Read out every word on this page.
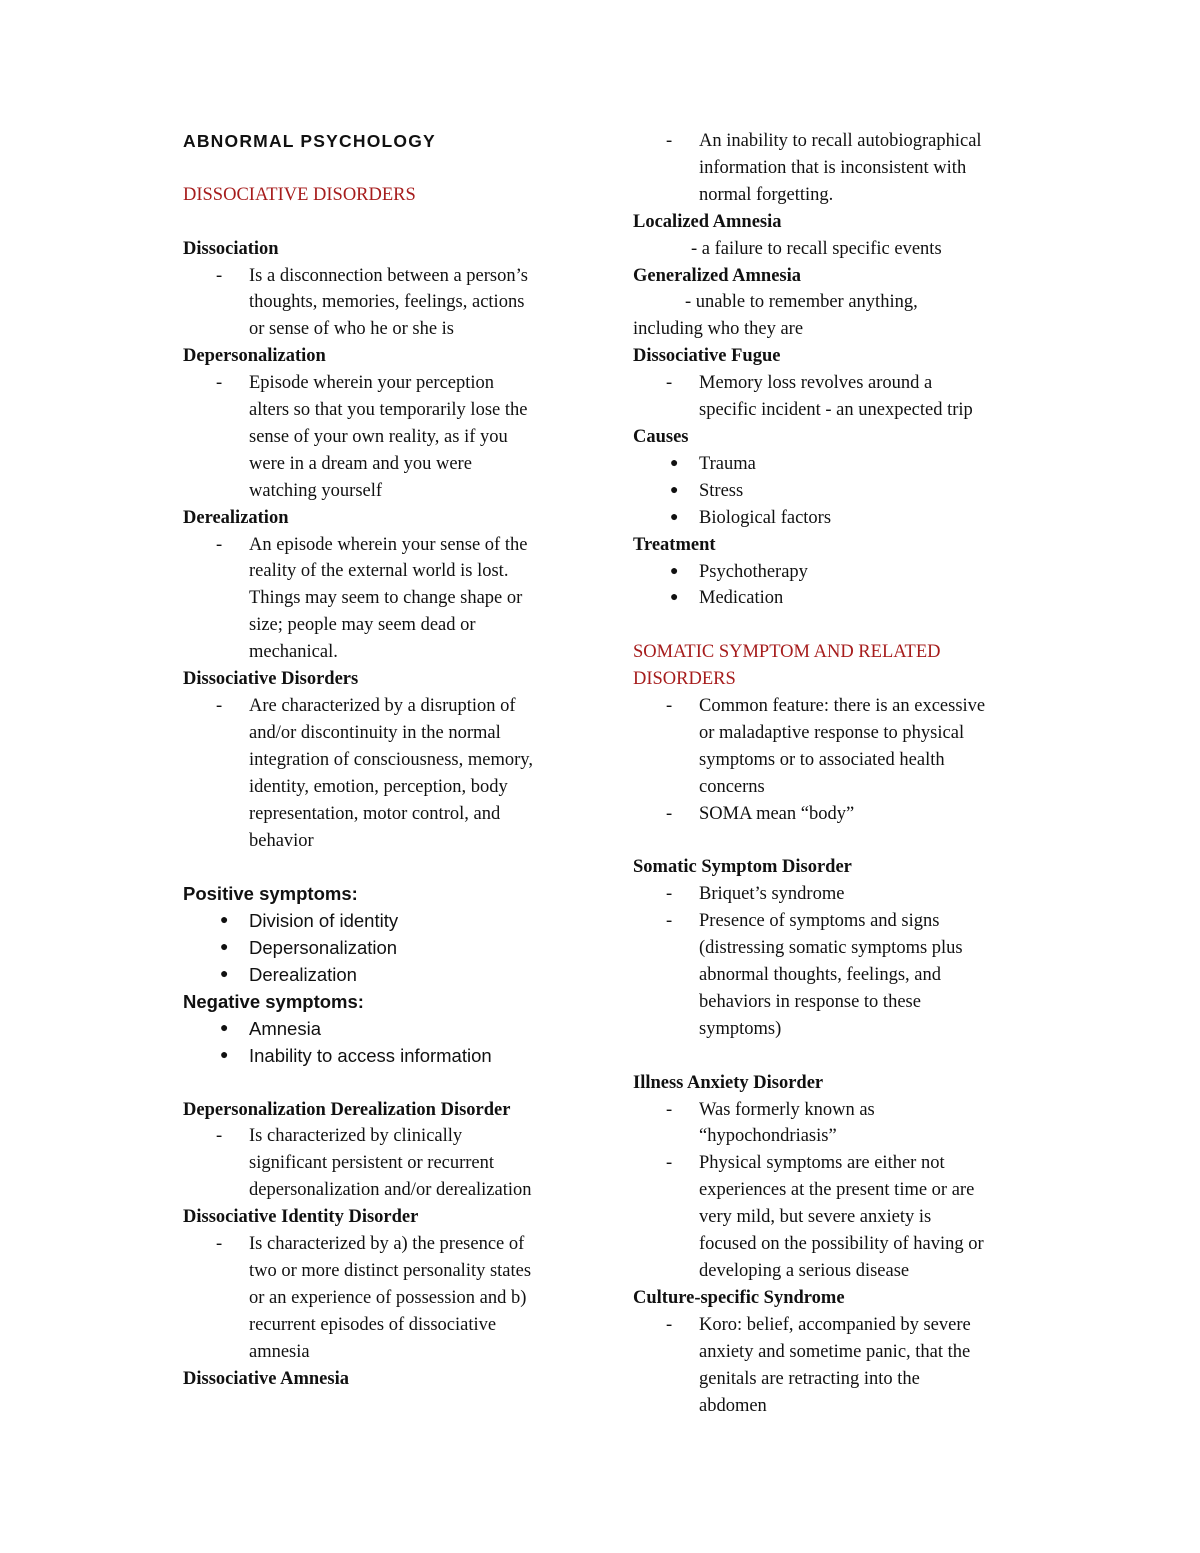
ABNORMAL PSYCHOLOGY
DISSOCIATIVE DISORDERS
Dissociation
- Is a disconnection between a person’s
thoughts, memories, feelings, actions
or sense of who he or she is
Depersonalization
- Episode wherein your perception
alters so that you temporarily lose the
sense of your own reality, as if you
were in a dream and you were
watching yourself
Derealization
- An episode wherein your sense of the
reality of the external world is lost.
Things may seem to change shape or
size; people may seem dead or
mechanical.
Dissociative Disorders
- Are characterized by a disruption of
and/or discontinuity in the normal
integration of consciousness, memory,
identity, emotion, perception, body
representation, motor control, and
behavior
Positive symptoms:
● Division of identity
● Depersonalization
● Derealization
Negative symptoms:
● Amnesia
● Inability to access information
Depersonalization Derealization Disorder
- Is characterized by clinically
significant persistent or recurrent
depersonalization and/or derealization
Dissociative Identity Disorder
- Is characterized by a) the presence of
two or more distinct personality states
or an experience of possession and b)
recurrent episodes of dissociative
amnesia
Dissociative Amnesia
- An inability to recall autobiographical
information that is inconsistent with
normal forgetting.
Localized Amnesia
- a failure to recall specific events
Generalized Amnesia
- unable to remember anything,
including who they are
Dissociative Fugue
- Memory loss revolves around a
specific incident - an unexpected trip
Causes
● Trauma
● Stress
● Biological factors
Treatment
● Psychotherapy
● Medication
SOMATIC SYMPTOM AND RELATED
DISORDERS
- Common feature: there is an excessive
or maladaptive response to physical
symptoms or to associated health
concerns
- SOMA mean “body”
Somatic Symptom Disorder
- Briquet’s syndrome
- Presence of symptoms and signs
(distressing somatic symptoms plus
abnormal thoughts, feelings, and
behaviors in response to these
symptoms)
Illness Anxiety Disorder
- Was formerly known as
“hypochondriasis”
- Physical symptoms are either not
experiences at the present time or are
very mild, but severe anxiety is
focused on the possibility of having or
developing a serious disease
Culture-specific Syndrome
- Koro: belief, accompanied by severe
anxiety and sometime panic, that the
genitals are retracting into the
abdomen
